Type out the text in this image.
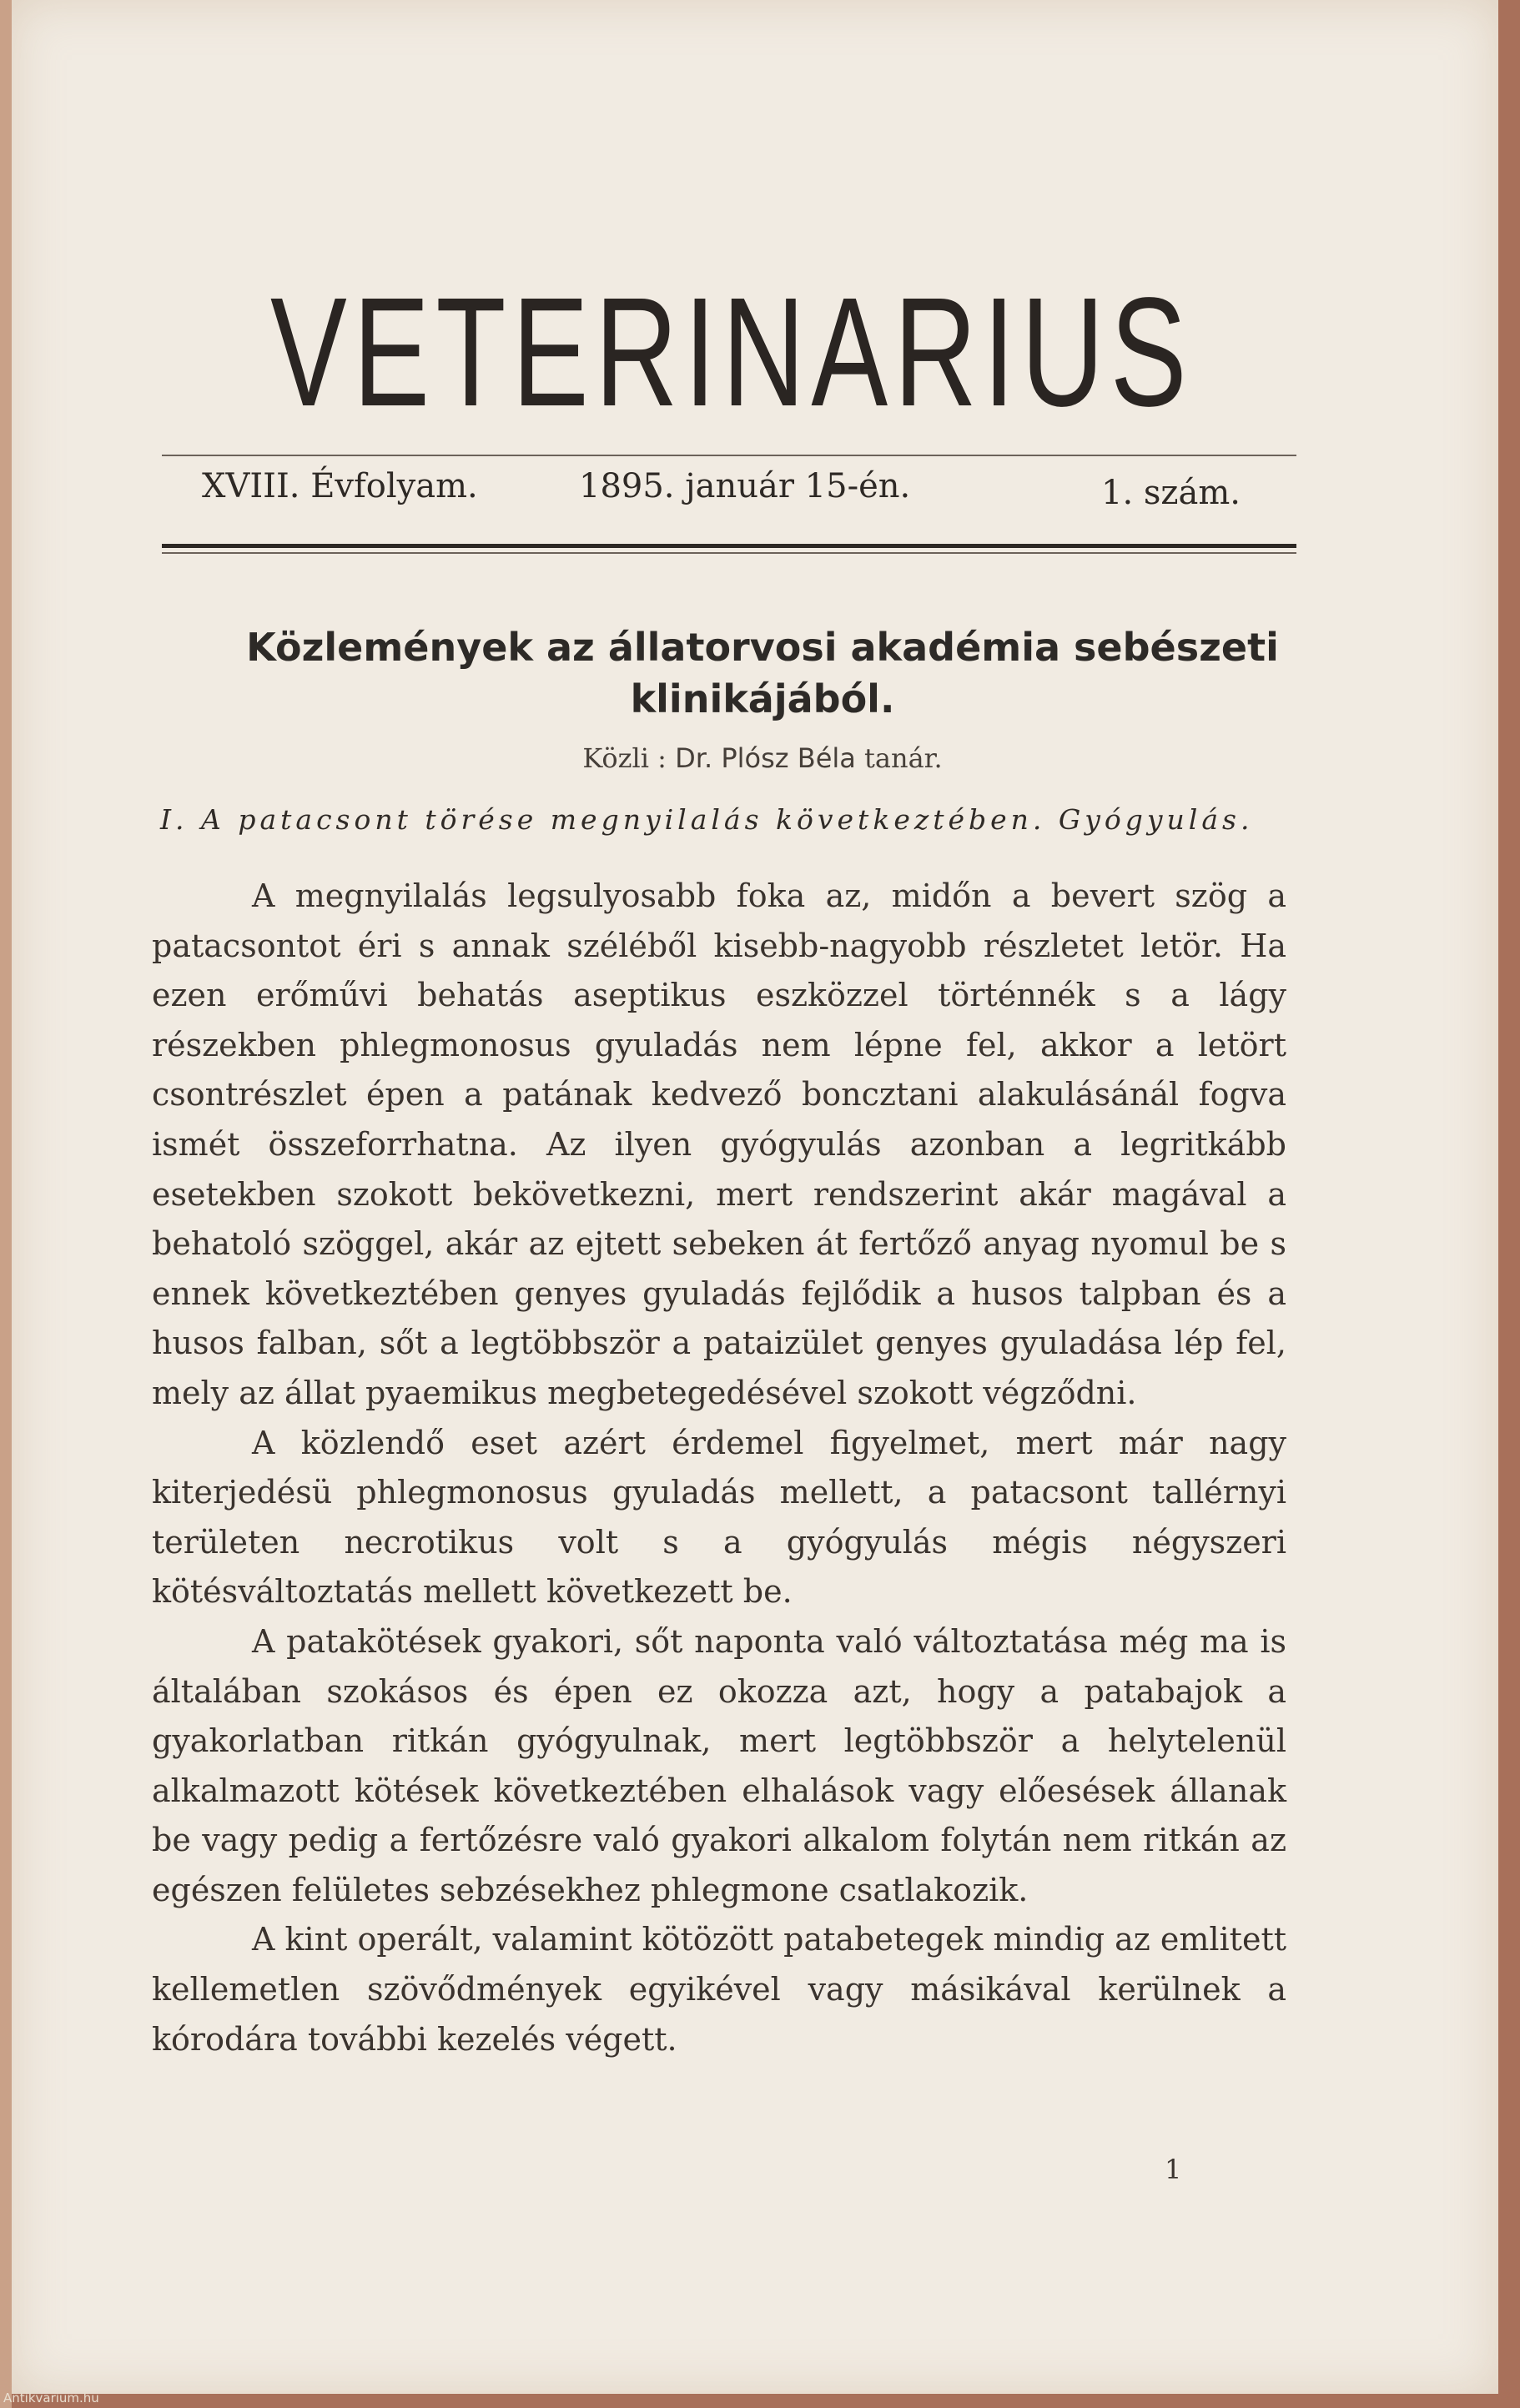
VETERINARIUS
XVIII. Évfolyam.	1895. január 15-én.	1. szám.
Közlemények az állatorvosi akadémia sebészeti
klinikájából.
Közli : Dr. Plósz Béla tanár.
I. A patacsont törése megnyilalás következtében. Gyógyulás.

A megnyilalás legsulyosabb foka az, midőn a bevert szög a patacsontot éri s annak széléből kisebb-nagyobb részletet letör. Ha ezen erőművi behatás aseptikus eszközzel történnék s a lágy részekben phlegmonosus gyuladás nem lépne fel, akkor a letört csontrészlet épen a patának kedvező boncztani alakulásánál fogva ismét összeforrhatna. Az ilyen gyógyulás azonban a legritkább esetekben szokott bekövetkezni, mert rendszerint akár magával a behatoló szöggel, akár az ejtett sebeken át fertőző anyag nyomul be s ennek következtében genyes gyuladás fejlődik a husos talpban és a husos falban, sőt a legtöbbször a pataizület genyes gyuladása lép fel, mely az állat pyaemikus megbetegedésével szokott végződni.

A közlendő eset azért érdemel figyelmet, mert már nagy kiterjedésü phlegmonosus gyuladás mellett, a patacsont tallérnyi területen necrotikus volt s a gyógyulás mégis négyszeri kötésváltoztatás mellett következett be.

A patakötések gyakori, sőt naponta való változtatása még ma is általában szokásos és épen ez okozza azt, hogy a patabajok a gyakorlatban ritkán gyógyulnak, mert legtöbbször a helytelenül alkalmazott kötések következtében elhalások vagy előesések állanak be vagy pedig a fertőzésre való gyakori alkalom folytán nem ritkán az egészen felületes sebzésekhez phlegmone csatlakozik.

A kint operált, valamint kötözött patabetegek mindig az emlitett kellemetlen szövődmények egyikével vagy másikával kerülnek a kórodára további kezelés végett.

1
Antikvarium.hu
